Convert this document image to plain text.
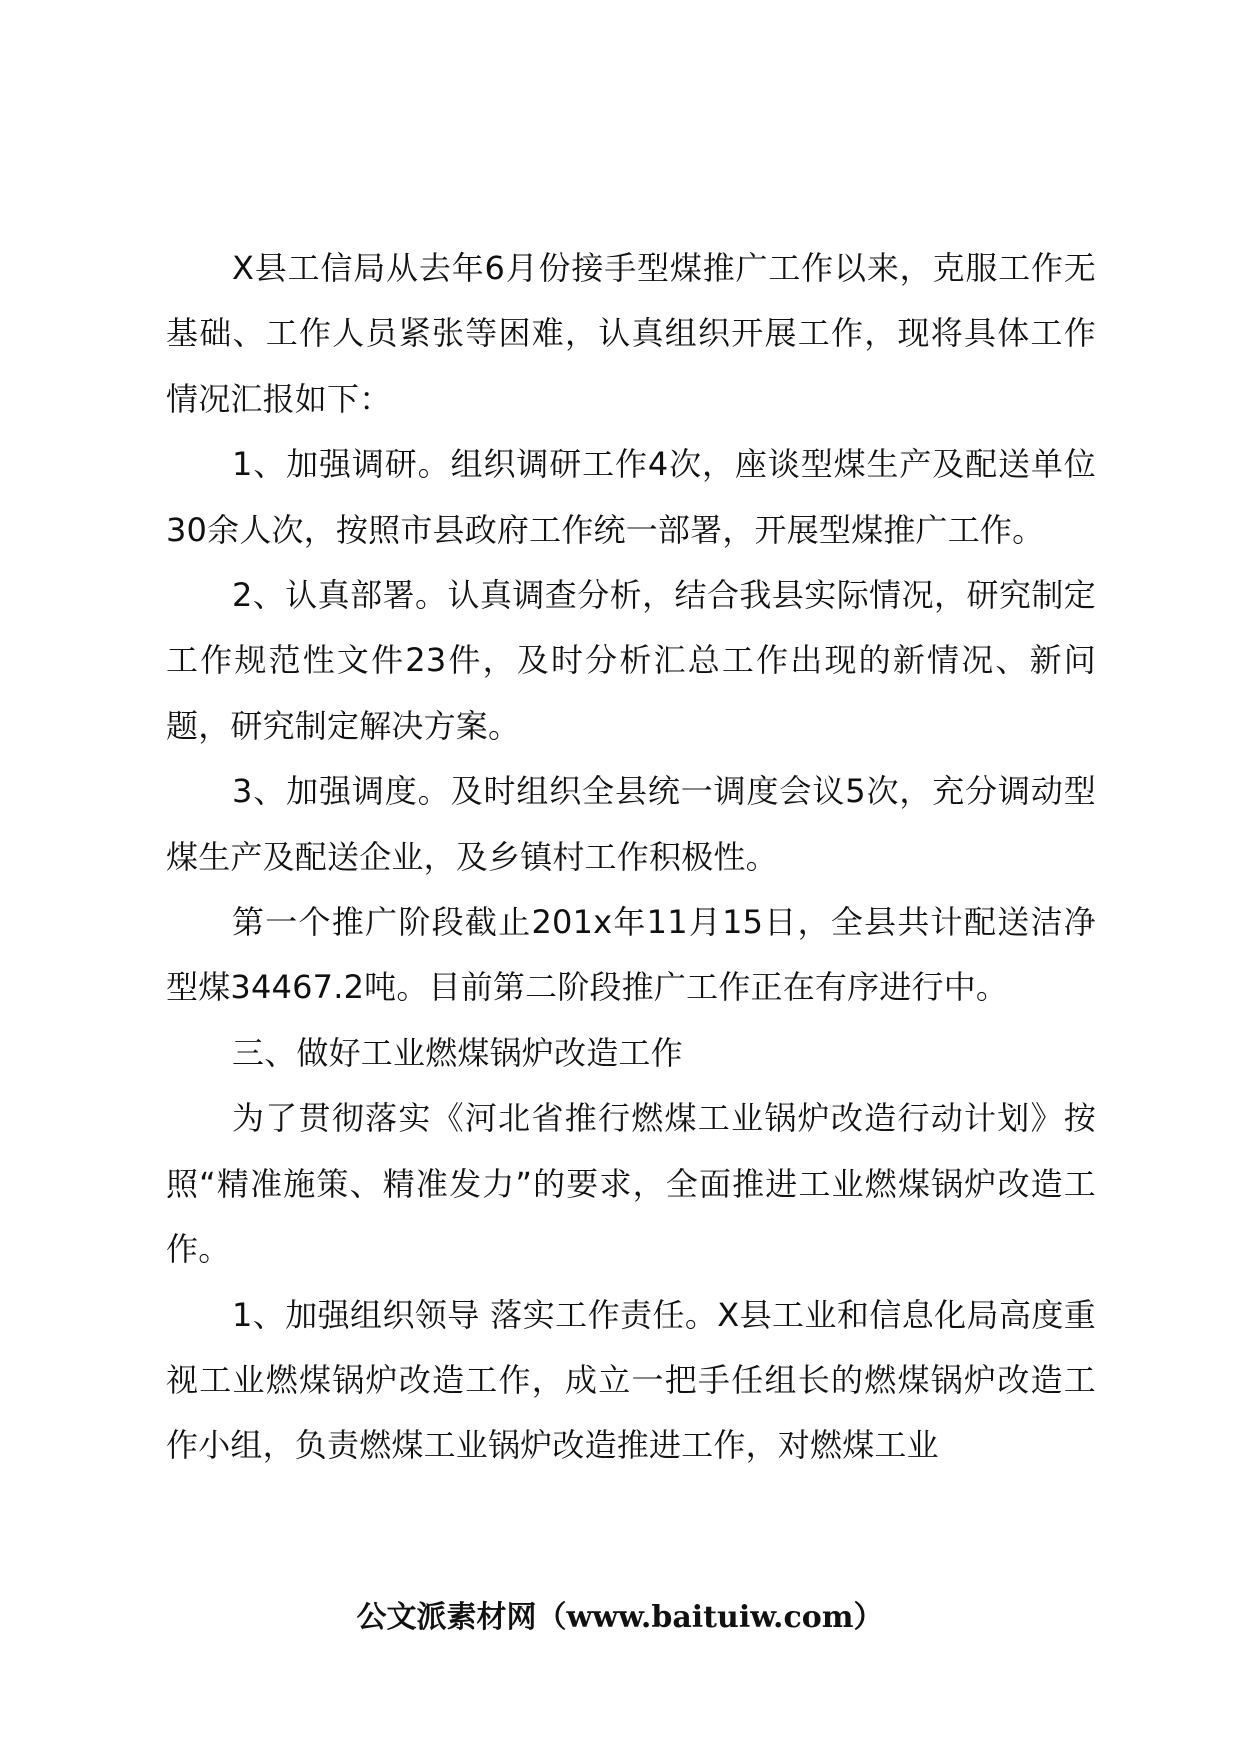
X县工信局从去年6月份接手型煤推广工作以来，克服工作无基础、工作人员紧张等困难，认真组织开展工作，现将具体工作情况汇报如下：

1、加强调研。组织调研工作4次，座谈型煤生产及配送单位30余人次，按照市县政府工作统一部署，开展型煤推广工作。

2、认真部署。认真调查分析，结合我县实际情况，研究制定工作规范性文件23件，及时分析汇总工作出现的新情况、新问题，研究制定解决方案。

3、加强调度。及时组织全县统一调度会议5次，充分调动型煤生产及配送企业，及乡镇村工作积极性。

第一个推广阶段截止201x年11月15日，全县共计配送洁净型煤34467.2吨。目前第二阶段推广工作正在有序进行中。

三、做好工业燃煤锅炉改造工作

为了贯彻落实《河北省推行燃煤工业锅炉改造行动计划》按照“精准施策、精准发力”的要求，全面推进工业燃煤锅炉改造工作。

1、加强组织领导 落实工作责任。X县工业和信息化局高度重视工业燃煤锅炉改造工作，成立一把手任组长的燃煤锅炉改造工作小组，负责燃煤工业锅炉改造推进工作，对燃煤工业

公文派素材网（www.baituiw.com）
